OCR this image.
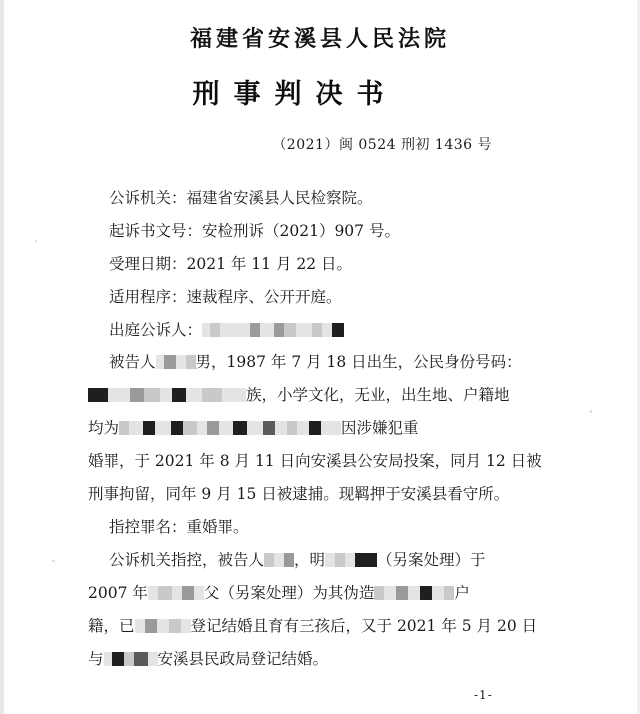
福建省安溪县人民法院
刑事判决书
（2021）闽 0524 刑初 1436 号
公诉机关：福建省安溪县人民检察院。
起诉书文号：安检刑诉（2021）907 号。
受理日期：2021 年 11 月 22 日。
适用程序：速裁程序、公开开庭。
出庭公诉人：
被告人	男，1987 年 7 月 18 日出生，公民身份号码：
族，小学文化，无业，出生地、户籍地
均为	因涉嫌犯重
婚罪，于 2021 年 8 月 11 日向安溪县公安局投案，同月 12 日被
刑事拘留，同年 9 月 15 日被逮捕。现羁押于安溪县看守所。
指控罪名：重婚罪。
公诉机关指控，被告人 ，明	（另案处理）于
2007 年	父（另案处理）为其伪造	户
籍，已	登记结婚且育有三孩后，又于 2021 年 5 月 20 日
与	安溪县民政局登记结婚。
-1-
